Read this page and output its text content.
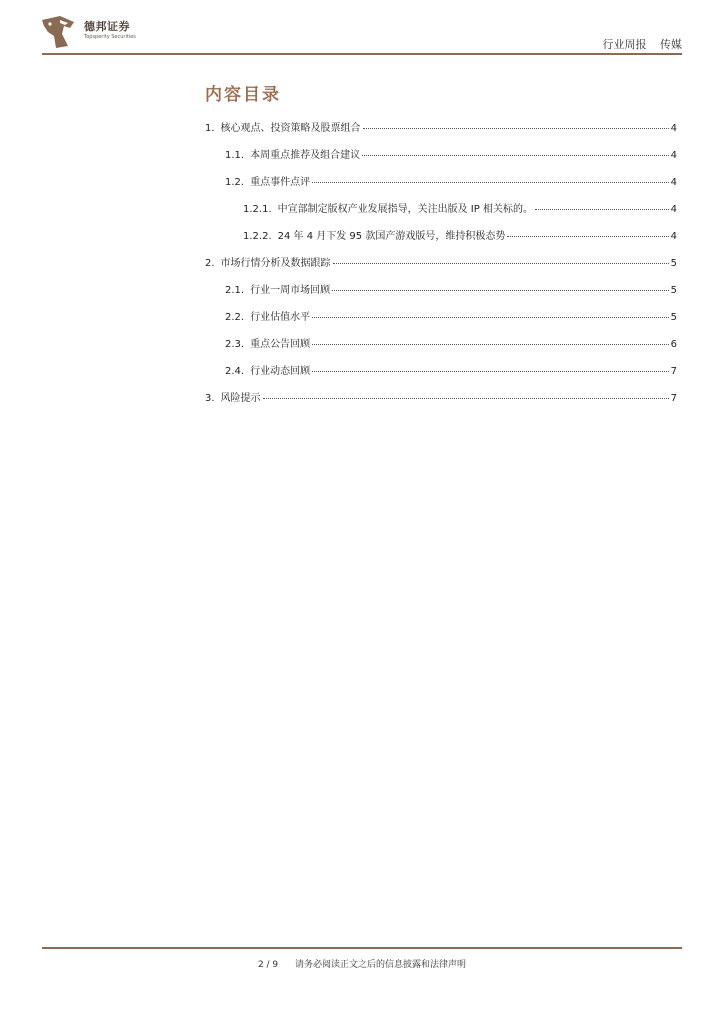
德邦证券
Topsperity Securities
行业周报 传媒
内容目录
1. 核心观点、投资策略及股票组合	4
1.1. 本周重点推荐及组合建议	4
1.2. 重点事件点评	4
1.2.1. 中宣部制定版权产业发展指导，关注出版及 IP 相关标的。	4
1.2.2. 24 年 4 月下发 95 款国产游戏版号，维持积极态势	4
2. 市场行情分析及数据跟踪	5
2.1. 行业一周市场回顾	5
2.2. 行业估值水平	5
2.3. 重点公告回顾	6
2.4. 行业动态回顾	7
3. 风险提示	7
2 / 9 请务必阅读正文之后的信息披露和法律声明
